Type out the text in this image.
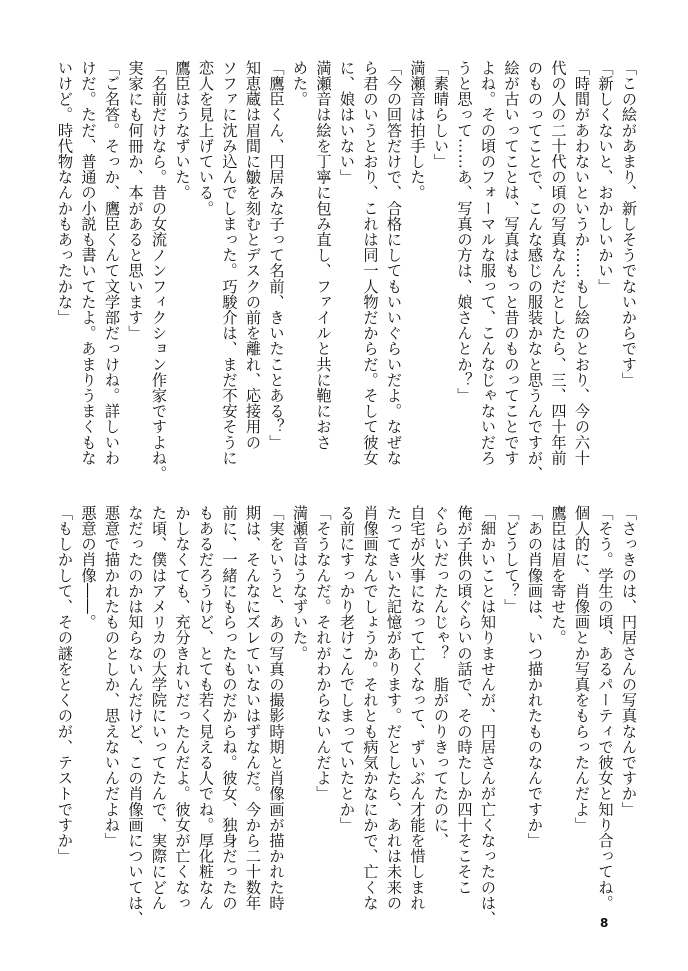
「この絵があまり、新しそうでないからです」
「新しくないと、おかしいかい」
「時間があわないというか……もし絵のとおり、今の六十
代の人の二十代の頃の写真なんだとしたら、三、四十年前
のものってことで、こんな感じの服装かなと思うんですが、
絵が古いってことは、写真はもっと昔のものってことです
よね。その頃のフォーマルな服って、こんなじゃないだろ
うと思って……あ、写真の方は、娘さんとか？」
「素晴らしい」
満瀬音は拍手した。
「今の回答だけで、合格にしてもいいぐらいだよ。なぜな
ら君のいうとおり、これは同一人物だからだ。そして彼女
に、娘はいない」
満瀬音は絵を丁寧に包み直し、ファイルと共に鞄におさ
めた。
「鷹臣くん、円居みな子って名前、きいたことある？」
知恵蔵は眉間に皺を刻むとデスクの前を離れ、応接用の
ソファに沈み込んでしまった。巧駿介は、まだ不安そうに
恋人を見上げている。
鷹臣はうなずいた。
「名前だけなら。昔の女流ノンフィクション作家ですよね。
実家にも何冊か、本があると思います」
「ご名答。そっか、鷹臣くんて文学部だっけね。詳しいわ
けだ。ただ、普通の小説も書いてたよ。あまりうまくもな
いけど。時代物なんかもあったかな」
「さっきのは、円居さんの写真なんですか」
「そう。学生の頃、あるパーティで彼女と知り合ってね。
個人的に、肖像画とか写真をもらったんだよ」
鷹臣は眉を寄せた。
「あの肖像画は、いつ描かれたものなんですか」
「どうして？」
「細かいことは知りませんが、円居さんが亡くなったのは、
俺が子供の頃ぐらいの話で、その時たしか四十そこそこ
ぐらいだったんじゃ？　脂がのりきってたのに、
自宅が火事になって亡くなって、ずいぶん才能を惜しまれ
たってきいた記憶があります。だとしたら、あれは未来の
肖像画なんでしょうか。それとも病気かなにかで、亡くな
る前にすっかり老けこんでしまっていたとか」
「そうなんだ。それがわからないんだよ」
満瀬音はうなずいた。
「実をいうと、あの写真の撮影時期と肖像画が描かれた時
期は、そんなにズレていないはずなんだ。今から二十数年
前に、一緒にもらったものだからね。彼女、独身だったの
もあるだろうけど、とても若く見える人でね。厚化粧なん
かしなくても、充分きれいだったんだよ。彼女が亡くなっ
た頃、僕はアメリカの大学院にいってたんで、実際にどん
なだったのかは知らないんだけど、この肖像画については、
悪意で描かれたものとしか、思えないんだよね」
悪意の肖像――。
「もしかして、その謎をとくのが、テストですか」
8
